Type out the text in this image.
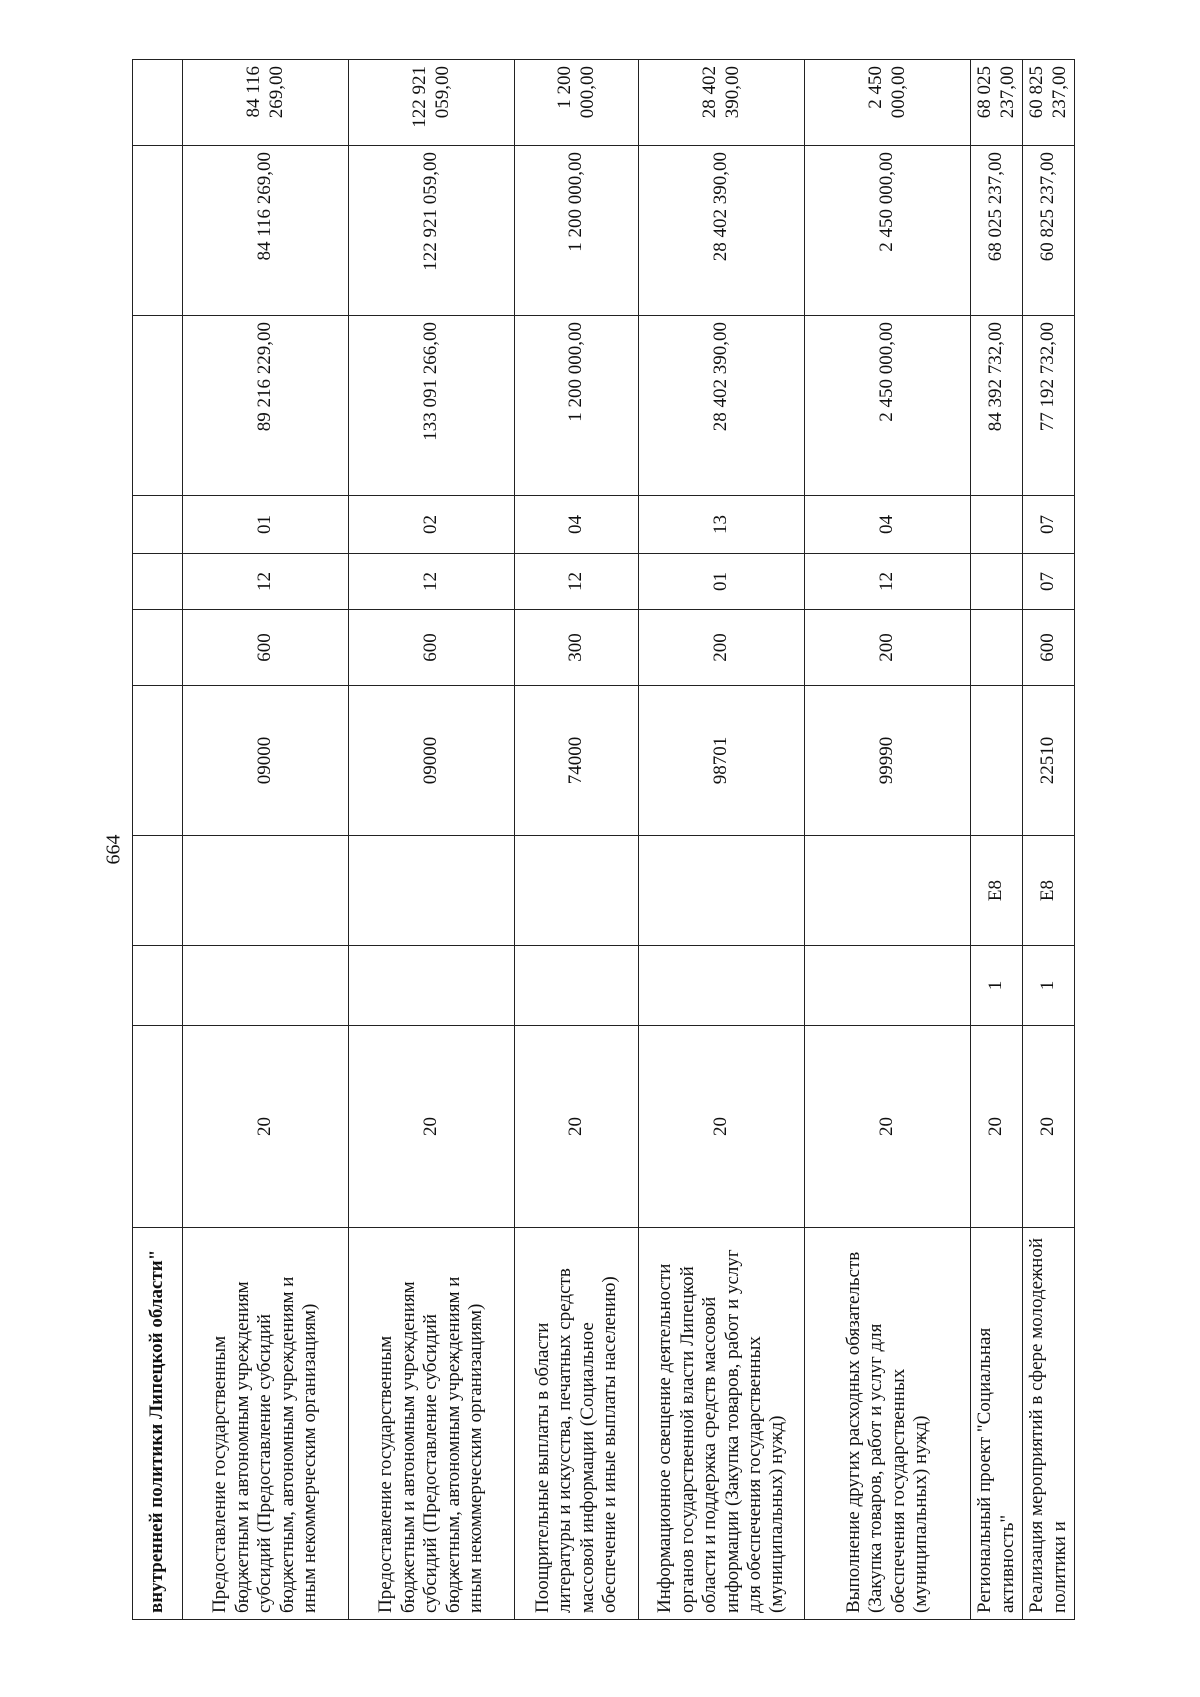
664
внутренней политики Липецкой области"										
Предоставление государственным бюджетным и автономным учреждениям субсидий (Предоставление субсидий бюджетным, автономным учреждениям и иным некоммерческим организациям)	20			09000	600	12	01	89 216 229,00	84 116 269,00	84 116 269,00
Предоставление государственным бюджетным и автономным учреждениям субсидий (Предоставление субсидий бюджетным, автономным учреждениям и иным некоммерческим организациям)	20			09000	600	12	02	133 091 266,00	122 921 059,00	122 921 059,00
Поощрительные выплаты в области литературы и искусства, печатных средств массовой информации (Социальное обеспечение и иные выплаты населению)	20			74000	300	12	04	1 200 000,00	1 200 000,00	1 200 000,00
Информационное освещение деятельности органов государственной власти Липецкой области и поддержка средств массовой информации (Закупка товаров, работ и услуг для обеспечения государственных (муниципальных) нужд)	20			98701	200	01	13	28 402 390,00	28 402 390,00	28 402 390,00
Выполнение других расходных обязательств (Закупка товаров, работ и услуг для обеспечения государственных (муниципальных) нужд)	20			99990	200	12	04	2 450 000,00	2 450 000,00	2 450 000,00
Региональный проект "Социальная активность"	20	1	Е8					84 392 732,00	68 025 237,00	68 025 237,00
Реализация мероприятий в сфере молодежной политики и	20	1	Е8	22510	600	07	07	77 192 732,00	60 825 237,00	60 825 237,00
